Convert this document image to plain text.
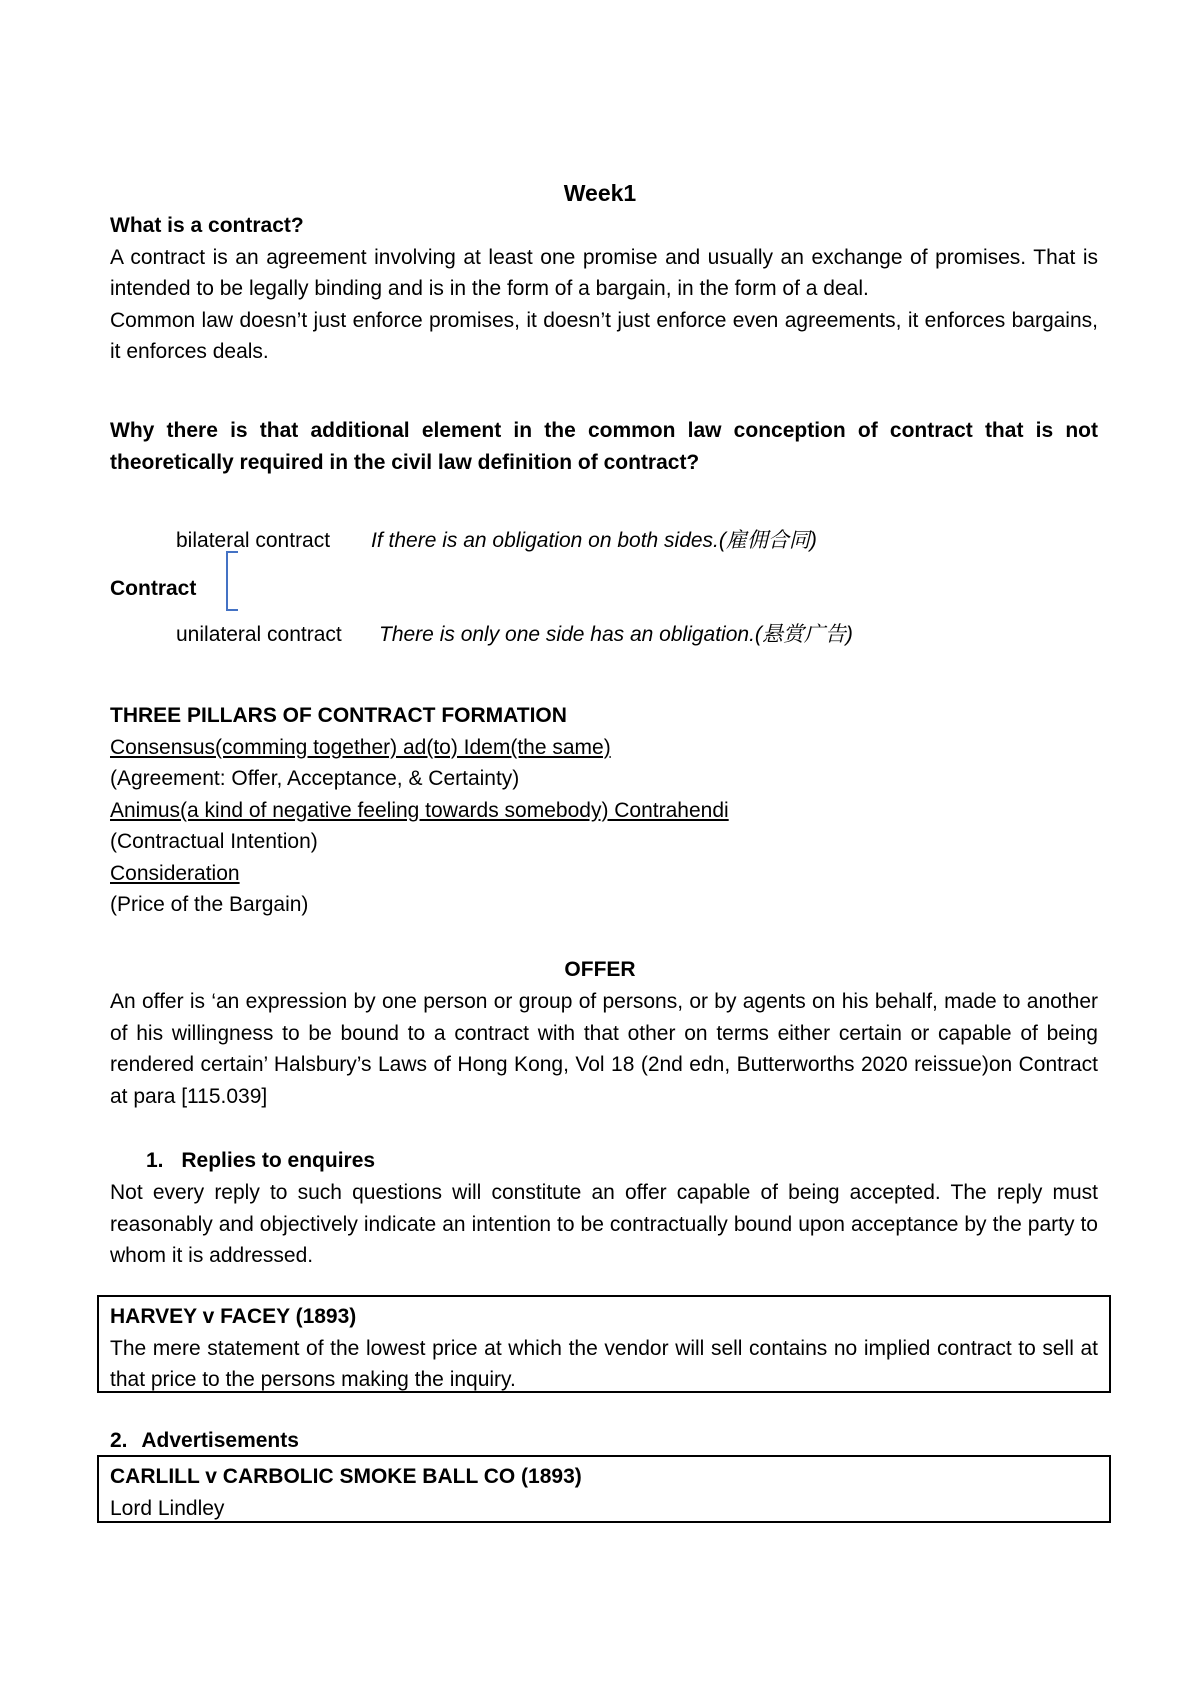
Week1

What is a contract?

A contract is an agreement involving at least one promise and usually an exchange of promises. That is intended to be legally binding and is in the form of a bargain, in the form of a deal.

Common law doesn’t just enforce promises, it doesn’t just enforce even agreements, it enforces bargains, it enforces deals.

Why there is that additional element in the common law conception of contract that is not theoretically required in the civil law definition of contract?
bilateral contract If there is an obligation on both sides.(雇佣合同)
Contract
unilateral contract There is only one side has an obligation.(悬赏广告)

THREE PILLARS OF CONTRACT FORMATION

Consensus(comming together) ad(to) Idem(the same)

(Agreement: Offer, Acceptance, & Certainty)

Animus(a kind of negative feeling towards somebody) Contrahendi

(Contractual Intention)

Consideration

(Price of the Bargain)

OFFER
An offer is ‘an expression by one person or group of persons, or by agents on his behalf, made to another of his willingness to be bound to a contract with that other on terms either certain or capable of being rendered certain’ Halsbury’s Laws of Hong Kong, Vol 18 (2nd edn, Butterworths 2020 reissue)on Contract at para [115.039]
1. Replies to enquires
Not every reply to such questions will constitute an offer capable of being accepted. The reply must reasonably and objectively indicate an intention to be contractually bound upon acceptance by the party to whom it is addressed.

HARVEY v FACEY (1893)

The mere statement of the lowest price at which the vendor will sell contains no implied contract to sell at that price to the persons making the inquiry.

2. Advertisements

CARLILL v CARBOLIC SMOKE BALL CO (1893)

Lord Lindley
